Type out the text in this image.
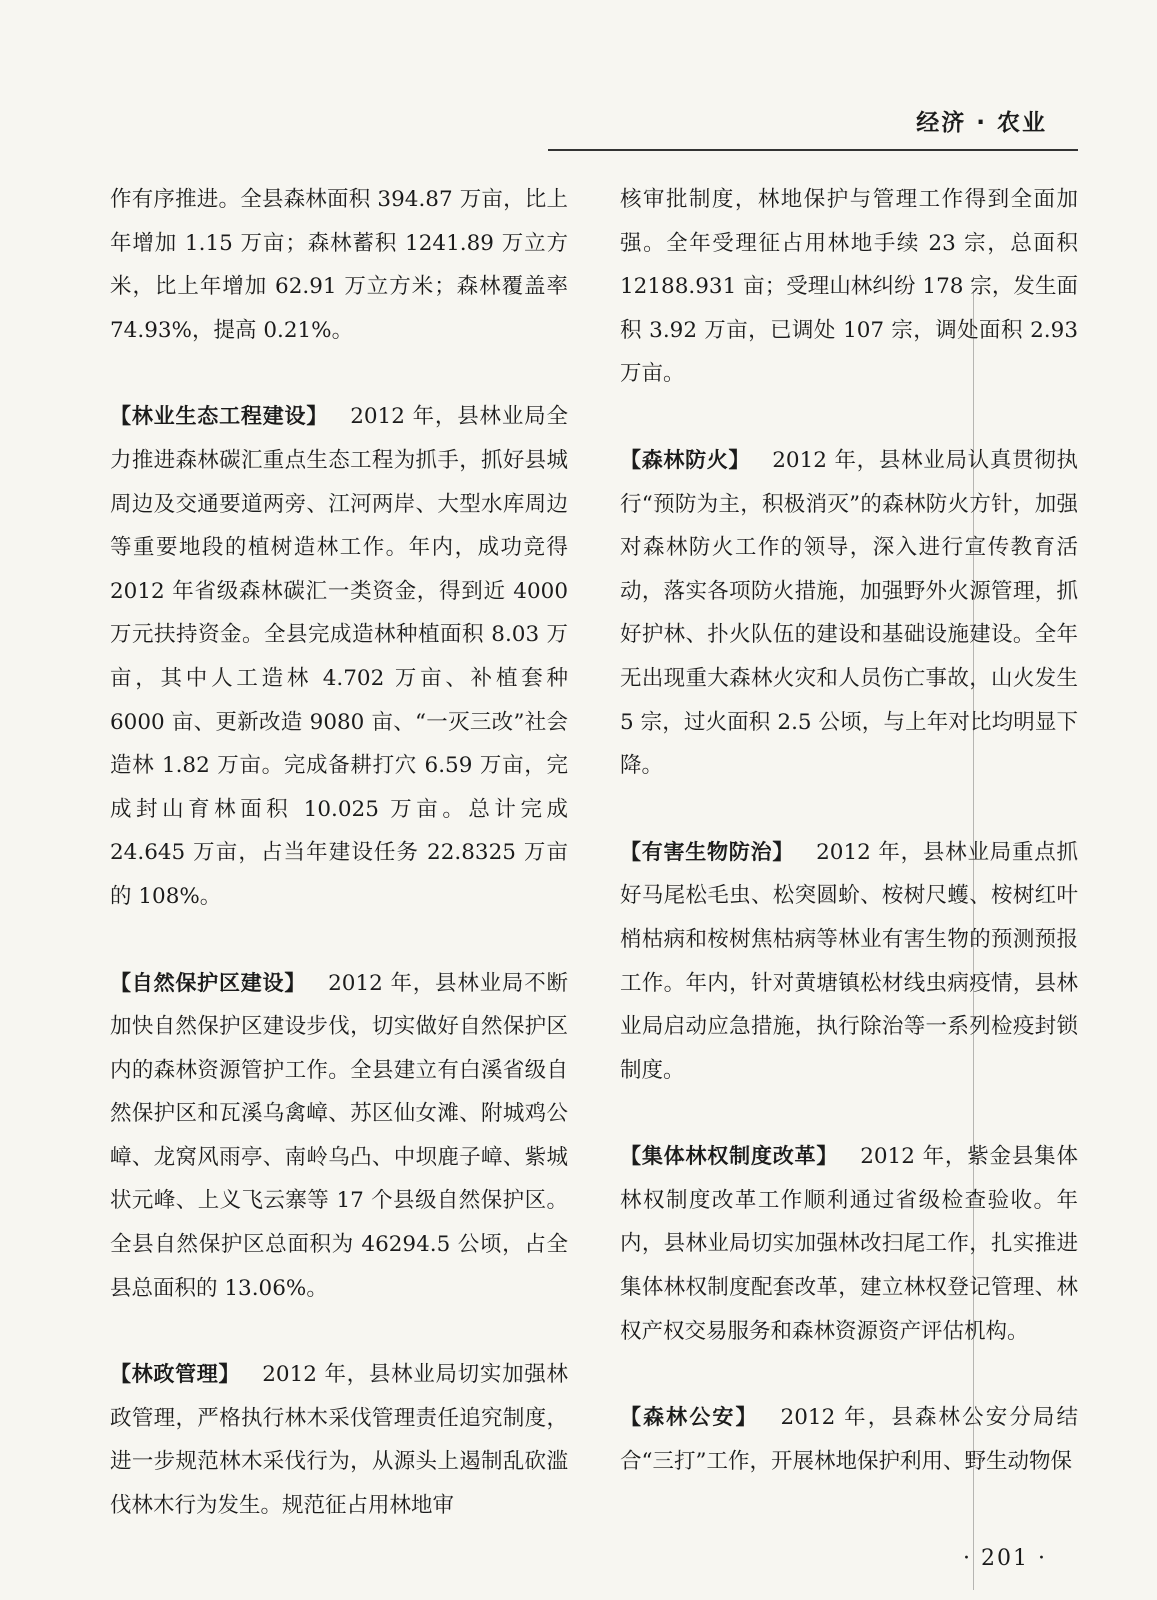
经济 · 农业

作有序推进。全县森林面积 394.87 万亩，比上年增加 1.15 万亩；森林蓄积 1241.89 万立方米，比上年增加 62.91 万立方米；森林覆盖率 74.93%，提高 0.21%。

【林业生态工程建设】 2012 年，县林业局全力推进森林碳汇重点生态工程为抓手，抓好县城周边及交通要道两旁、江河两岸、大型水库周边等重要地段的植树造林工作。年内，成功竞得 2012 年省级森林碳汇一类资金，得到近 4000 万元扶持资金。全县完成造林种植面积 8.03 万亩，其中人工造林 4.702 万亩、补植套种 6000 亩、更新改造 9080 亩、“一灭三改”社会造林 1.82 万亩。完成备耕打穴 6.59 万亩，完成封山育林面积 10.025 万亩。总计完成 24.645 万亩，占当年建设任务 22.8325 万亩的 108%。

【自然保护区建设】 2012 年，县林业局不断加快自然保护区建设步伐，切实做好自然保护区内的森林资源管护工作。全县建立有白溪省级自然保护区和瓦溪乌禽嶂、苏区仙女滩、附城鸡公嶂、龙窝风雨亭、南岭乌凸、中坝鹿子嶂、紫城状元峰、上义飞云寨等 17 个县级自然保护区。全县自然保护区总面积为 46294.5 公顷，占全县总面积的 13.06%。

【林政管理】 2012 年，县林业局切实加强林政管理，严格执行林木采伐管理责任追究制度，进一步规范林木采伐行为，从源头上遏制乱砍滥伐林木行为发生。规范征占用林地审

核审批制度，林地保护与管理工作得到全面加强。全年受理征占用林地手续 23 宗，总面积 12188.931 亩；受理山林纠纷 178 宗，发生面积 3.92 万亩，已调处 107 宗，调处面积 2.93 万亩。

【森林防火】 2012 年，县林业局认真贯彻执行“预防为主，积极消灭”的森林防火方针，加强对森林防火工作的领导，深入进行宣传教育活动，落实各项防火措施，加强野外火源管理，抓好护林、扑火队伍的建设和基础设施建设。全年无出现重大森林火灾和人员伤亡事故，山火发生 5 宗，过火面积 2.5 公顷，与上年对比均明显下降。

【有害生物防治】 2012 年，县林业局重点抓好马尾松毛虫、松突圆蚧、桉树尺蠖、桉树红叶梢枯病和桉树焦枯病等林业有害生物的预测预报工作。年内，针对黄塘镇松材线虫病疫情，县林业局启动应急措施，执行除治等一系列检疫封锁制度。

【集体林权制度改革】 2012 年，紫金县集体林权制度改革工作顺利通过省级检查验收。年内，县林业局切实加强林改扫尾工作，扎实推进集体林权制度配套改革，建立林权登记管理、林权产权交易服务和森林资源资产评估机构。

【森林公安】 2012 年，县森林公安分局结合“三打”工作，开展林地保护利用、野生动物保

· 201 ·
